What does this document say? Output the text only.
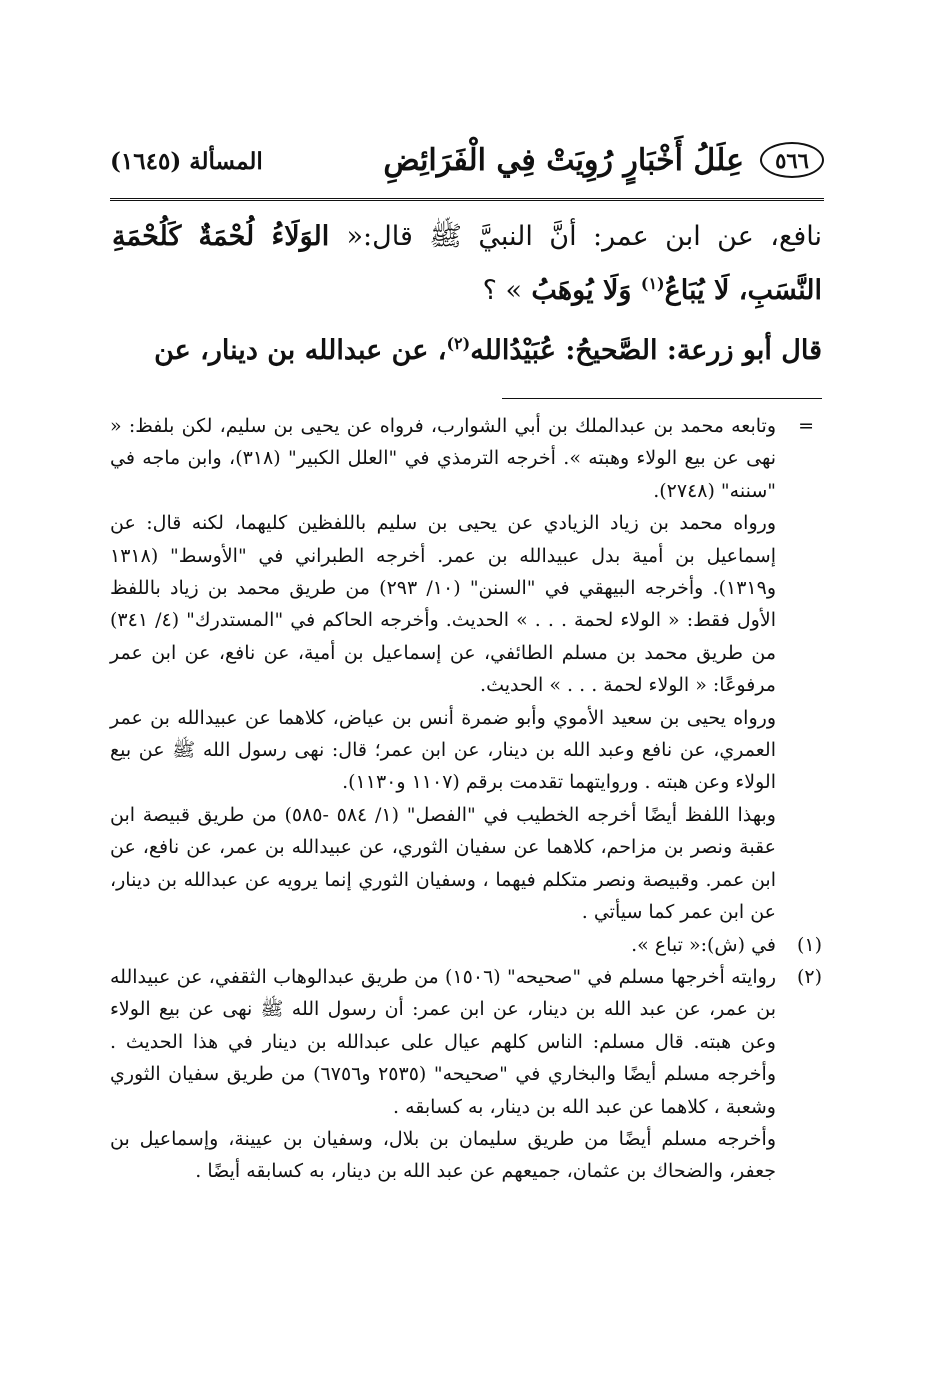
٥٦٦
عِلَلُ أَخْبَارٍ رُوِيَتْ فِي الْفَرَائِضِ
المسألة (١٦٤٥)

نافع، عن ابن عمر: أنَّ النبيَّ ﷺ قال:« الوَلَاءُ لُحْمَةٌ كَلُحْمَةِ النَّسَبِ، لَا يُبَاعُ$^{(١)}$ وَلَا يُوهَبُ » ؟

قال أبو زرعة: الصَّحيحُ: عُبَيْدُالله$^{(٢)}$، عن عبدالله بن دينار، عن

=

وتابعه محمد بن عبدالملك بن أبي الشوارب، فرواه عن يحيى بن سليم، لكن بلفظ: « نهى عن بيع الولاء وهبته ». أخرجه الترمذي في "العلل الكبير" (٣١٨)، وابن ماجه في "سننه" (٢٧٤٨).

ورواه محمد بن زياد الزيادي عن يحيى بن سليم باللفظين كليهما، لكنه قال: عن إسماعيل بن أمية بدل عبيدالله بن عمر. أخرجه الطبراني في "الأوسط" (١٣١٨ و١٣١٩). وأخرجه البيهقي في "السنن" (١٠/ ٢٩٣) من طريق محمد بن زياد باللفظ الأول فقط: « الولاء لحمة . . . » الحديث. وأخرجه الحاكم في "المستدرك" (٤/ ٣٤١) من طريق محمد بن مسلم الطائفي، عن إسماعيل بن أمية، عن نافع، عن ابن عمر مرفوعًا: « الولاء لحمة . . . » الحديث.

ورواه يحيى بن سعيد الأموي وأبو ضمرة أنس بن عياض، كلاهما عن عبيدالله بن عمر العمري، عن نافع وعبد الله بن دينار، عن ابن عمر؛ قال: نهى رسول الله ﷺ عن بيع الولاء وعن هبته . وروايتهما تقدمت برقم (١١٠٧ و١١٣٠).

وبهذا اللفظ أيضًا أخرجه الخطيب في "الفصل" (١/ ٥٨٤ -٥٨٥) من طريق قبيصة ابن عقبة ونصر بن مزاحم، كلاهما عن سفيان الثوري، عن عبيدالله بن عمر، عن نافع، عن ابن عمر. وقبيصة ونصر متكلم فيهما ، وسفيان الثوري إنما يرويه عن عبدالله بن دينار، عن ابن عمر كما سيأتي .

(١)

في (ش):« تباع ».

(٢)

روايته أخرجها مسلم في "صحيحه" (١٥٠٦) من طريق عبدالوهاب الثقفي، عن عبيدالله بن عمر، عن عبد الله بن دينار، عن ابن عمر: أن رسول الله ﷺ نهى عن بيع الولاء وعن هبته. قال مسلم: الناس كلهم عيال على عبدالله بن دينار في هذا الحديث . وأخرجه مسلم أيضًا والبخاري في "صحيحه" (٢٥٣٥ و٦٧٥٦) من طريق سفيان الثوري وشعبة ، كلاهما عن عبد الله بن دينار، به كسابقه .

وأخرجه مسلم أيضًا من طريق سليمان بن بلال، وسفيان بن عيينة، وإسماعيل بن جعفر، والضحاك بن عثمان، جميعهم عن عبد الله بن دينار، به كسابقه أيضًا .
